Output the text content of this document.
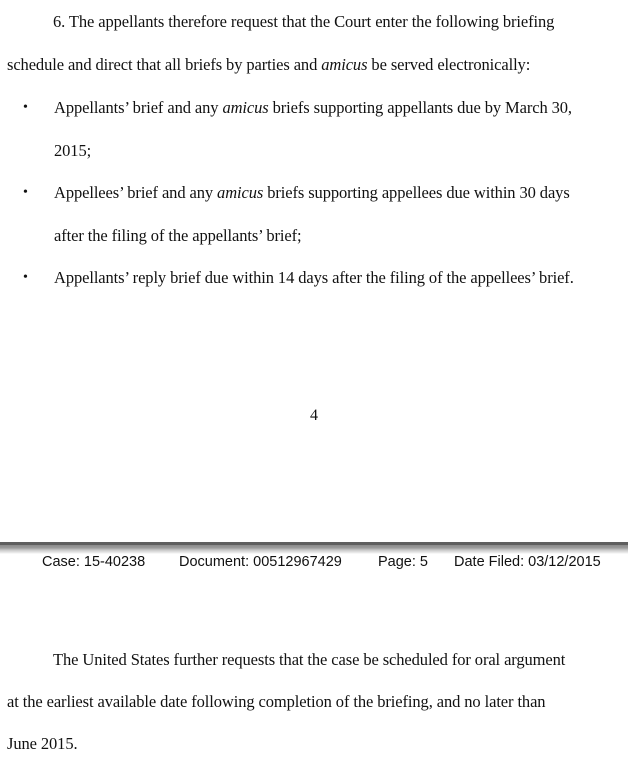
6. The appellants therefore request that the Court enter the following briefing
schedule and direct that all briefs by parties and amicus be served electronically:
• Appellants’ brief and any amicus briefs supporting appellants due by March 30,
2015;
• Appellees’ brief and any amicus briefs supporting appellees due within 30 days
after the filing of the appellants’ brief;
• Appellants’ reply brief due within 14 days after the filing of the appellees’ brief.
4
Case: 15-40238 Document: 00512967429 Page: 5 Date Filed: 03/12/2015
The United States further requests that the case be scheduled for oral argument
at the earliest available date following completion of the briefing, and no later than
June 2015.
